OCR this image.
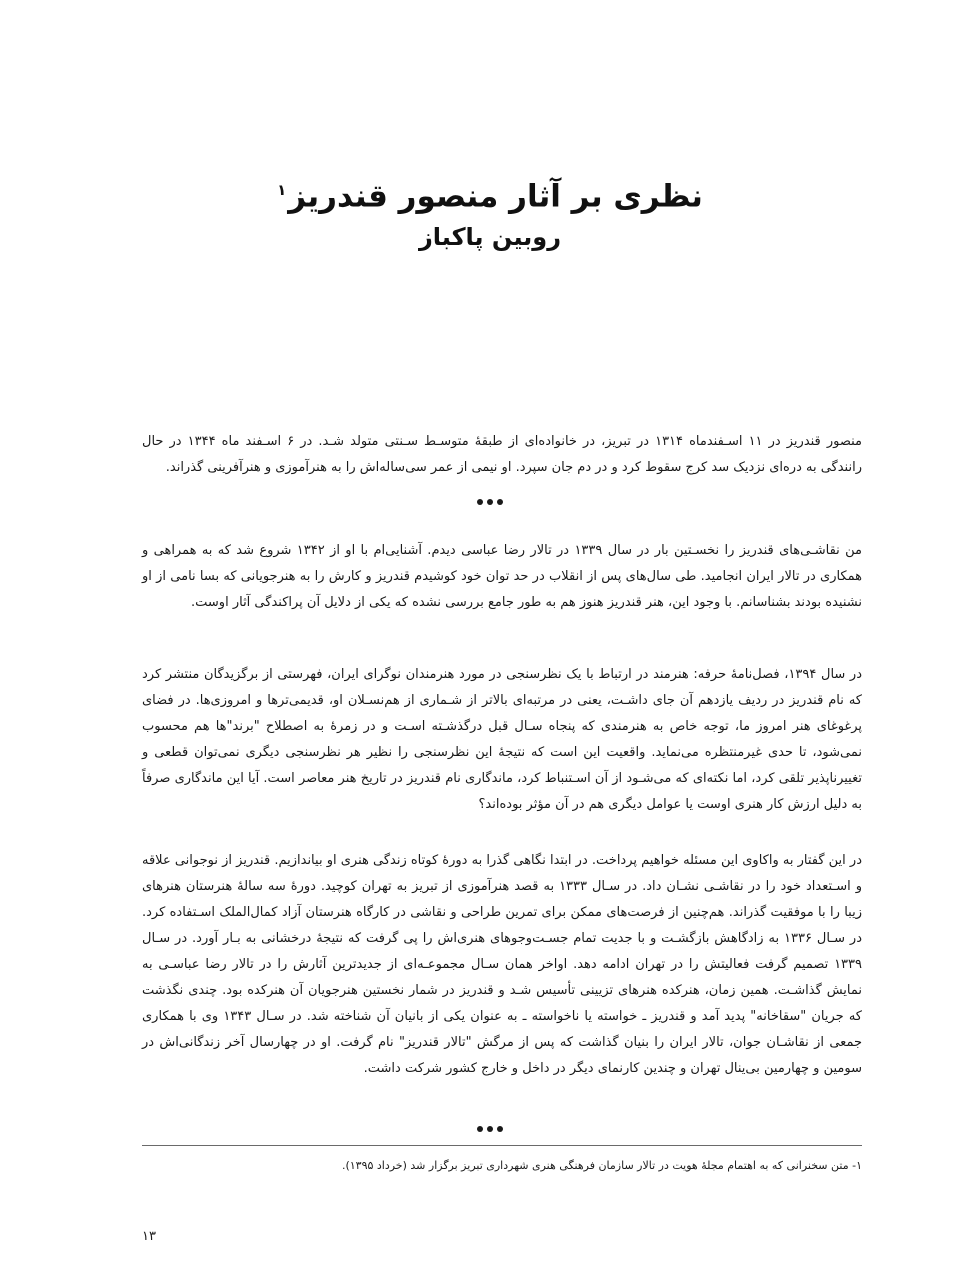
نظری بر آثار منصور قندریز$^۱$
روبین پاکباز
منصور قندریز در ۱۱ اسـفندماه ۱۳۱۴ در تبریز، در خانواده‌ای از طبقهٔ متوسـط سـنتی متولد شـد. در ۶ اسـفند ماه ۱۳۴۴ در حال رانندگی به دره‌ای نزدیک سد کرج سقوط کرد و در دم جان سپرد. او نیمی از عمر سی‌ساله‌اش را به هنرآموزی و هنرآفرینی گذراند.
من نقاشـی‌های قندریز را نخسـتین بار در سال ۱۳۳۹ در تالار رضا عباسی دیدم. آشنایی‌ام با او از ۱۳۴۲ شروع شد که به همراهی و همکاری در تالار ایران انجامید. طی سال‌های پس از انقلاب در حد توان خود کوشیدم قندریز و کارش را به هنرجویانی که بسا نامی از او نشنیده بودند بشناسانم. با وجود این، هنر قندریز هنوز هم به طور جامع بررسی نشده که یکی از دلایل آن پراکندگی آثار اوست.
در سال ۱۳۹۴، فصل‌نامهٔ حرفه: هنرمند در ارتباط با یک نظرسنجی در مورد هنرمندان نوگرای ایران، فهرستی از برگزیدگان منتشر کرد که نام قندریز در ردیف یازدهم آن جای داشـت، یعنی در مرتبه‌ای بالاتر از شـماری از هم‌نسـلان او، قدیمی‌ترها و امروزی‌ها. در فضای پرغوغای هنر امروز ما، توجه خاص به هنرمندی که پنجاه سـال قبل درگذشـته اسـت و در زمرهٔ به اصطلاح "برند"ها هم محسوب نمی‌شود، تا حدی غیرمنتظره می‌نماید. واقعیت این است که نتیجهٔ این نظرسنجی را نظیر هر نظرسنجی دیگری نمی‌توان قطعی و تغییرناپذیر تلقی کرد، اما نکته‌ای که می‌شـود از آن اسـتنباط کرد، ماندگاری نام قندریز در تاریخ هنر معاصر است. آیا این ماندگاری صرفاً به دلیل ارزش کار هنری اوست یا عوامل دیگری هم در آن مؤثر بوده‌اند؟
در این گفتار به واکاوی این مسئله خواهیم پرداخت. در ابتدا نگاهی گذرا به دورهٔ کوتاه زندگی هنری او بیاندازیم. قندریز از نوجوانی علاقه و اسـتعداد خود را در نقاشـی نشـان داد. در سـال ۱۳۳۳ به قصد هنرآموزی از تبریز به تهران کوچید. دورهٔ سه سالهٔ هنرستان هنرهای زیبا را با موفقیت گذراند. هم‌چنین از فرصت‌های ممکن برای تمرین طراحی و نقاشی در کارگاه هنرستان آزاد کمال‌الملک اسـتفاده کرد. در سـال ۱۳۳۶ به زادگاهش بازگشـت و با جدیت تمام جسـت‌وجوهای هنری‌اش را پی گرفت که نتیجهٔ درخشانی به بـار آورد. در سـال ۱۳۳۹ تصمیم گرفت فعالیتش را در تهران ادامه دهد. اواخر همان سـال مجموعـه‌ای از جدیدترین آثارش را در تالار رضا عباسـی به نمایش گذاشـت. همین زمان، هنرکده هنرهای تزیینی تأسیس شـد و قندریز در شمار نخستین هنرجویان آن هنرکده بود. چندی نگذشت که جریان "سقاخانه" پدید آمد و قندریز ـ خواسته یا ناخواسته ـ به عنوان یکی از بانیان آن شناخته شد. در سـال ۱۳۴۳ وی با همکاری جمعی از نقاشـان جوان، تالار ایران را بنیان گذاشت که پس از مرگش "تالار قندریز" نام گرفت. او در چهارسال آخر زندگانی‌اش در سومین و چهارمین بی‌ینال تهران و چندین کارنمای دیگر در داخل و خارج کشور شرکت داشت.
۱- متن سخنرانی که به اهتمام مجلهٔ هویت در تالار سازمان فرهنگی هنری شهرداری تبریز برگزار شد (خرداد ۱۳۹۵).
۱۳
